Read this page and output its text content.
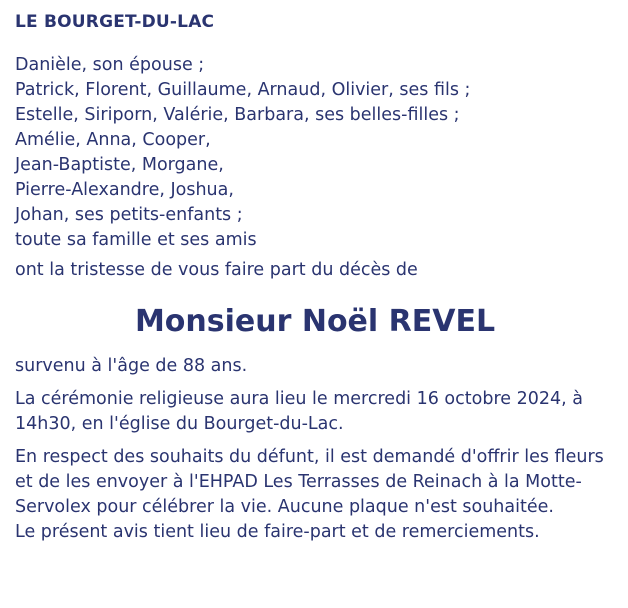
LE BOURGET-DU-LAC

Danièle, son épouse ;
Patrick, Florent, Guillaume, Arnaud, Olivier, ses fils ;
Estelle, Siriporn, Valérie, Barbara, ses belles-filles ;
Amélie, Anna, Cooper,
Jean-Baptiste, Morgane,
Pierre-Alexandre, Joshua,
Johan, ses petits-enfants ;
toute sa famille et ses amis

ont la tristesse de vous faire part du décès de

Monsieur Noël REVEL

survenu à l'âge de 88 ans.

La cérémonie religieuse aura lieu le mercredi 16 octobre 2024, à 14h30, en l'église du Bourget-du-Lac.

En respect des souhaits du défunt, il est demandé d'offrir les fleurs et de les envoyer à l'EHPAD Les Terrasses de Reinach à la Motte-Servolex pour célébrer la vie. Aucune plaque n'est souhaitée.

Le présent avis tient lieu de faire-part et de remerciements.
